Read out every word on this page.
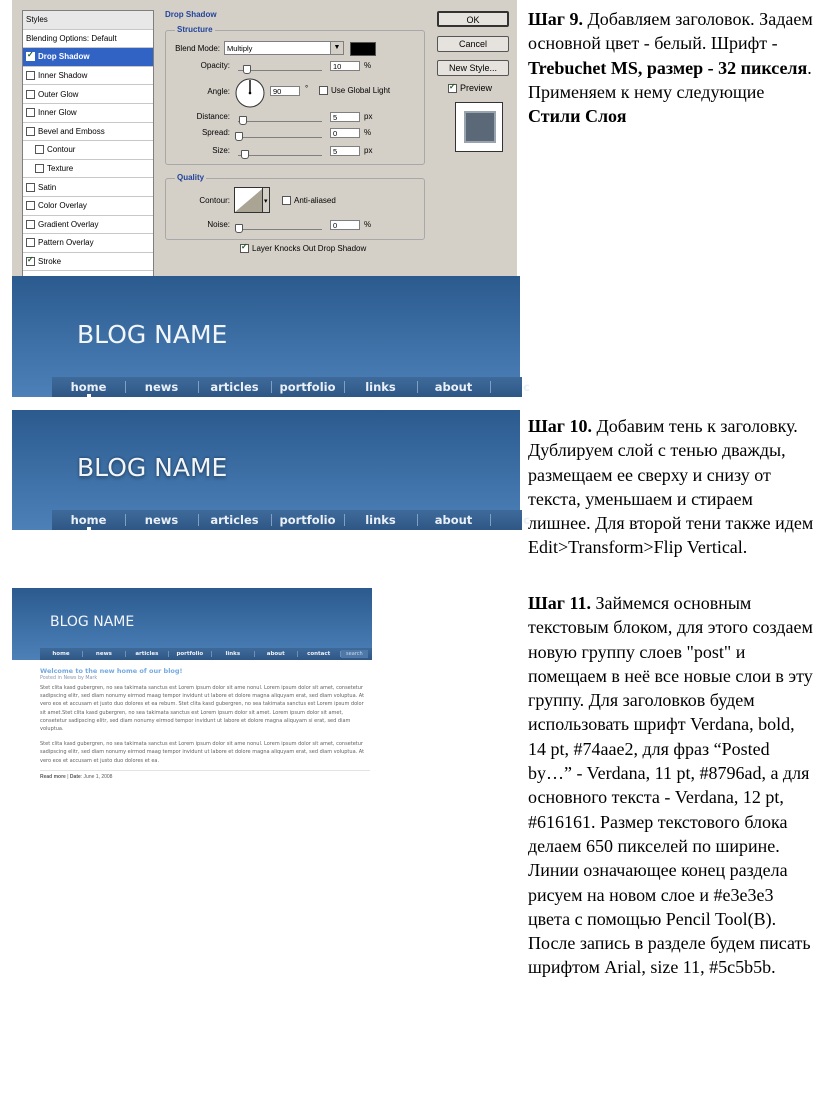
Styles
Blending Options: Default
✓
Drop Shadow
Inner Shadow
Outer Glow
Inner Glow
Bevel and Emboss
Contour
Texture
Satin
Color Overlay
Gradient Overlay
Pattern Overlay
✓
Stroke
Drop Shadow
Structure
Blend Mode: Multiply	▼
Opacity:	10	%
Angle:	90	°	Use Global Light
Distance:	5	px
Spread:	0	%
Size:	5	px
Quality
Contour:	▾	Anti-aliased
Noise:	0	%
✓
Layer Knocks Out Drop Shadow
OK
Cancel
New Style...
✓
Preview
BLOG NAME
home	news	articles	portfolio	links	about	c
BLOG NAME
home	news	articles	portfolio	links	about	c
BLOG NAME
home	news	articles	portfolio	links	about	contact	search
Welcome to the new home of our blog!
Posted in News by Mark
Stet clita kasd gubergren, no sea takimata sanctus est Lorem ipsum dolor sit ame nonul. Lorem ipsum dolor sit amet, consetetur sadipscing elitr, sed diam nonumy eirmod maag tempor invidunt ut labore et dolore magna aliquyam erat, sed diam voluptua. At vero eos et accusam et justo duo dolores et ea rebum. Stet clita kasd gubergren, no sea takimata sanctus est Lorem ipsum dolor sit amet.Stet clita kasd gubergren, no sea takimata sanctus est Lorem ipsum dolor sit amet. Lorem ipsum dolor sit amet, consetetur sadipscing elitr, sed diam nonumy eirmod tempor invidunt ut labore et dolore magna aliquyam si erat, sed diam voluptua.
Stet clita kasd gubergren, no sea takimata sanctus est Lorem ipsum dolor sit ame nonul. Lorem ipsum dolor sit amet, consetetur sadipscing elitr, sed diam nonumy eirmod maag tempor invidunt ut labore et dolore magna aliquyam erat, sed diam voluptua. At vero eos et accusam et justo duo dolores et ea.
Read more | Date: June 1, 2008
Шаг 9. Добавляем заголовок. Задаем основной цвет - белый. Шрифт - Trebuchet MS, размер - 32 пикселя. Применяем к нему следующие Стили Слоя
Шаг 10. Добавим тень к заголовку. Дублируем слой с тенью дважды, размещаем ее сверху и снизу от текста, уменьшаем и стираем лишнее. Для второй тени также идем Edit>Transform>Flip Vertical.
Шаг 11. Займемся основным текстовым блоком, для этого создаем новую группу слоев "post" и помещаем в неё все новые слои в эту группу. Для заголовков будем использовать шрифт Verdana, bold, 14 pt, #74aae2, для фраз “Posted by…” - Verdana, 11 pt, #8796ad, а для основного текста - Verdana, 12 pt, #616161. Размер текстового блока делаем 650 пикселей по ширине. Линии означающее конец раздела рисуем на новом слое и #e3e3e3 цвета с помощью Pencil Tool(B). После запись в разделе будем писать шрифтом Arial, size 11, #5c5b5b.
